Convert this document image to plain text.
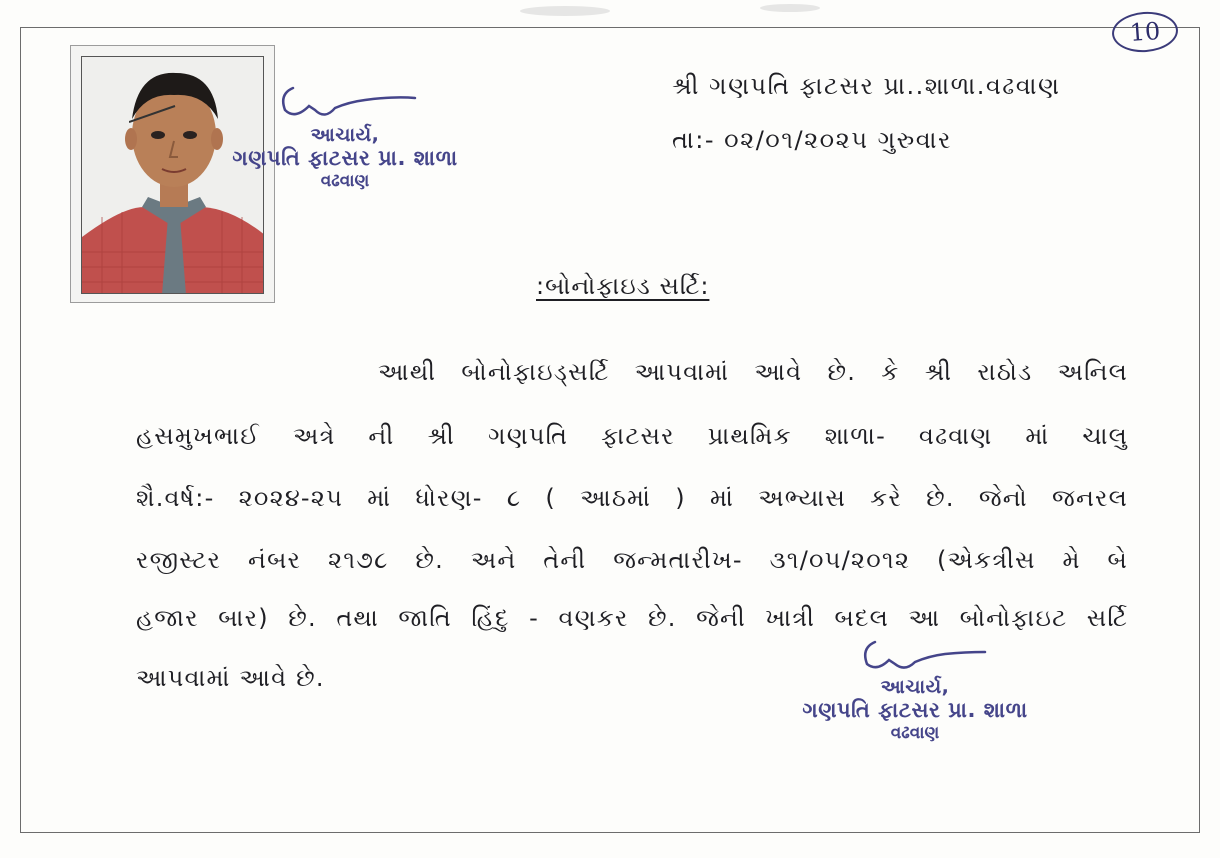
10
આચાર્ય,
ગણપતિ ફાટસર પ્રા. શાળા
વઢવાણ
શ્રી ગણપતિ ફાટસર પ્રા..શાળા.વઢવાણ
તા:- ૦૨/૦૧/૨૦૨૫ ગુરુવાર
:બોનોફાઇડ સર્ટિ:
આથી બોનોફાઇડ્સર્ટિ આપવામાં આવે છે. કે શ્રી રાઠોડ અનિલ
હસમુખભાઈ અત્રે ની શ્રી ગણપતિ ફાટસર પ્રાથમિક શાળા- વઢવાણ માં ચાલુ
શૈ.વર્ષ:- ૨૦૨૪-૨૫ માં ધોરણ- ૮ ( આઠમાં ) માં અભ્યાસ કરે છે. જેનો જનરલ
રજીસ્ટર નંબર ૨૧૭૮ છે. અને તેની જન્મતારીખ- ૩૧/૦૫/૨૦૧૨ (એકત્રીસ મે બે
હજાર બાર) છે. તથા જાતિ હિંદુ - વણકર છે. જેની ખાત્રી બદલ આ બોનોફાઇટ સર્ટિ
આપવામાં આવે છે.	આચાર્ય,
ગણપતિ ફાટસર પ્રા. શાળા
વઢવાણ
